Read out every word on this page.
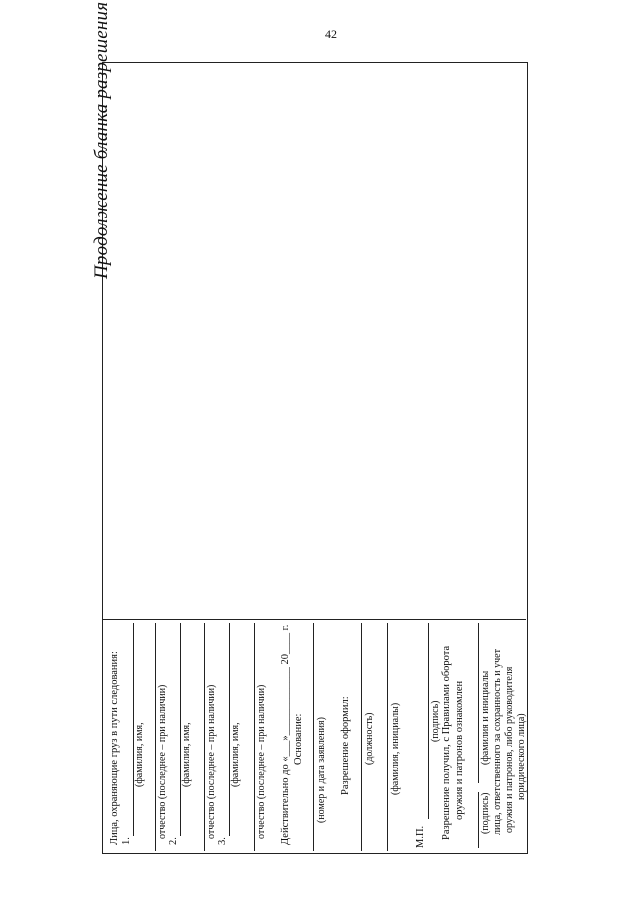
42
Продолжение бланка разрешения
Лица, охраняющие груз в пути следования: 1.
(фамилия, имя, отчество (последнее – при наличии)
2.
(фамилия, имя, отчество (последнее – при наличии)
3.
(фамилия, имя, отчество (последнее – при наличии) Действительно до «___»_____________ 20____ г. Основание: (номер и дата заявления) Разрешение оформил: (должность) (фамилия, инициалы)
М.П.
(подпись) Разрешение получил, с Правилами оборота оружия и патронов ознакомлен (подпись)
(фамилия и инициалы лица, ответственного за сохранность и учет оружия и патронов, либо руководителя юридического лица)
